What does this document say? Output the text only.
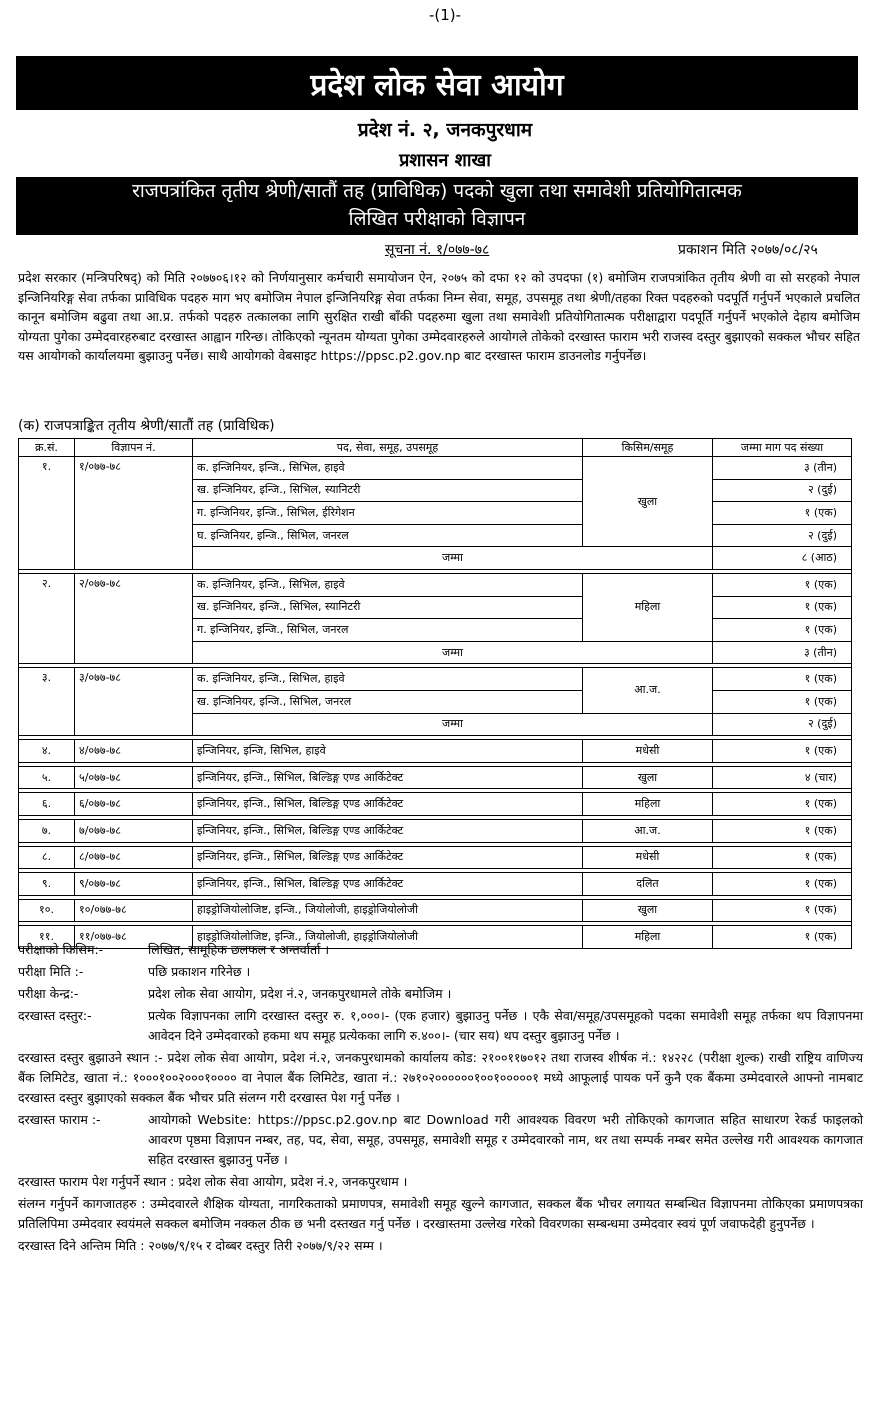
-(1)-
प्रदेश लोक सेवा आयोग
प्रदेश नं. २, जनकपुरधाम
प्रशासन शाखा
राजपत्रांकित तृतीय श्रेणी/सातौं तह (प्राविधिक) पदको खुला तथा समावेशी प्रतियोगितात्मक
लिखित परीक्षाको विज्ञापन
सूचना नं. १/०७७-७८	प्रकाशन मिति २०७७/०८/२५
प्रदेश सरकार (मन्त्रिपरिषद्) को मिति २०७७०६।१२ को निर्णयानुसार कर्मचारी समायोजन ऐन, २०७५ को दफा १२ को उपदफा (१) बमोजिम राजपत्रांकित तृतीय श्रेणी वा सो सरहको नेपाल इन्जिनियरिङ्ग सेवा तर्फका प्राविधिक पदहरु माग भए बमोजिम नेपाल इन्जिनियरिङ्ग सेवा तर्फका निम्न सेवा, समूह, उपसमूह तथा श्रेणी/तहका रिक्त पदहरुको पदपूर्ति गर्नुपर्ने भएकाले प्रचलित कानून बमोजिम बढुवा तथा आ.प्र. तर्फको पदहरु तत्कालका लागि सुरक्षित राखी बाँकी पदहरुमा खुला तथा समावेशी प्रतियोगितात्मक परीक्षाद्वारा पदपूर्ति गर्नुपर्ने भएकोले देहाय बमोजिम योग्यता पुगेका उम्मेदवारहरुबाट दरखास्त आह्वान गरिन्छ। तोकिएको न्यूनतम योग्यता पुगेका उम्मेदवारहरुले आयोगले तोकेको दरखास्त फाराम भरी राजस्व दस्तुर बुझाएको सक्कल भौचर सहित यस आयोगको कार्यालयमा बुझाउनु पर्नेछ। साथै आयोगको वेबसाइट https://ppsc.p2.gov.np बाट दरखास्त फाराम डाउनलोड गर्नुपर्नेछ।
(क) राजपत्राङ्कित तृतीय श्रेणी/सातौं तह (प्राविधिक)
क्र.सं.	विज्ञापन नं.	पद, सेवा, समूह, उपसमूह	किसिम/समूह	जम्मा माग पद संख्या
१.	१/०७७-७८	क. इन्जिनियर, इन्जि., सिभिल, हाइवे	खुला	३ (तीन)
		ख. इन्जिनियर, इन्जि., सिभिल, स्यानिटरी		२ (दुई)
		ग. इन्जिनियर, इन्जि., सिभिल, ईरिगेशन		१ (एक)
		घ. इन्जिनियर, इन्जि., सिभिल, जनरल		२ (दुई)
		जम्मा		८ (आठ)

२.	२/०७७-७८	क. इन्जिनियर, इन्जि., सिभिल, हाइवे	महिला	१ (एक)
		ख. इन्जिनियर, इन्जि., सिभिल, स्यानिटरी		१ (एक)
		ग. इन्जिनियर, इन्जि., सिभिल, जनरल		१ (एक)
		जम्मा		३ (तीन)

३.	३/०७७-७८	क. इन्जिनियर, इन्जि., सिभिल, हाइवे	आ.ज.	१ (एक)
		ख. इन्जिनियर, इन्जि., सिभिल, जनरल		१ (एक)
		जम्मा		२ (दुई)

४.	४/०७७-७८	इन्जिनियर, इन्जि, सिभिल, हाइवे	मधेसी	१ (एक)

५.	५/०७७-७८	इन्जिनियर, इन्जि., सिभिल, बिल्डिङ्ग एण्ड आर्किटेक्ट	खुला	४ (चार)

६.	६/०७७-७८	इन्जिनियर, इन्जि., सिभिल, बिल्डिङ्ग एण्ड आर्किटेक्ट	महिला	१ (एक)

७.	७/०७७-७८	इन्जिनियर, इन्जि., सिभिल, बिल्डिङ्ग एण्ड आर्किटेक्ट	आ.ज.	१ (एक)

८.	८/०७७-७८	इन्जिनियर, इन्जि., सिभिल, बिल्डिङ्ग एण्ड आर्किटेक्ट	मधेसी	१ (एक)

९.	९/०७७-७८	इन्जिनियर, इन्जि., सिभिल, बिल्डिङ्ग एण्ड आर्किटेक्ट	दलित	१ (एक)

१०.	१०/०७७-७८	हाइड्रोजियोलोजिष्ट, इन्जि., जियोलोजी, हाइड्रोजियोलोजी	खुला	१ (एक)

११.	११/०७७-७८	हाइड्रोजियोलोजिष्ट, इन्जि., जियोलोजी, हाइड्रोजियोलोजी	महिला	१ (एक)
परीक्षाको किसिम:-	लिखित, सामूहिक छलफल र अन्तर्वार्ता ।
परीक्षा मिति :-	पछि प्रकाशन गरिनेछ ।
परीक्षा केन्द्र:-	प्रदेश लोक सेवा आयोग, प्रदेश नं.२, जनकपुरधामले तोके बमोजिम ।
दरखास्त दस्तुर:-	प्रत्येक विज्ञापनका लागि दरखास्त दस्तुर रु. १,०००।- (एक हजार) बुझाउनु पर्नेछ । एकै सेवा/समूह/उपसमूहको पदका समावेशी समूह तर्फका थप विज्ञापनमा आवेदन दिने उम्मेदवारको हकमा थप समूह प्रत्येकका लागि रु.४००।- (चार सय) थप दस्तुर बुझाउनु पर्नेछ ।
दरखास्त दस्तुर बुझाउने स्थान :- प्रदेश लोक सेवा आयोग, प्रदेश नं.२, जनकपुरधामको कार्यालय कोड: २१००११७०१२ तथा राजस्व शीर्षक नं.: १४२२८ (परीक्षा शुल्क) राखी राष्ट्रिय वाणिज्य बैंक लिमिटेड, खाता नं.: १०००१००२०००१०००० वा नेपाल बैंक लिमिटेड, खाता नं.: २७१०२००००००१००१०००००१ मध्ये आफूलाई पायक पर्ने कुनै एक बैंकमा उम्मेदवारले आफ्नो नामबाट दरखास्त दस्तुर बुझाएको सक्कल बैंक भौचर प्रति संलग्न गरी दरखास्त पेश गर्नु पर्नेछ ।
दरखास्त फाराम :-	आयोगको Website: https://ppsc.p2.gov.np बाट Download गरी आवश्यक विवरण भरी तोकिएको कागजात सहित साधारण रेकर्ड फाइलको आवरण पृष्ठमा विज्ञापन नम्बर, तह, पद, सेवा, समूह, उपसमूह, समावेशी समूह र उम्मेदवारको नाम, थर तथा सम्पर्क नम्बर समेत उल्लेख गरी आवश्यक कागजात सहित दरखास्त बुझाउनु पर्नेछ ।
दरखास्त फाराम पेश गर्नुपर्ने स्थान : प्रदेश लोक सेवा आयोग, प्रदेश नं.२, जनकपुरधाम ।
संलग्न गर्नुपर्ने कागजातहरु : उम्मेदवारले शैक्षिक योग्यता, नागरिकताको प्रमाणपत्र, समावेशी समूह खुल्ने कागजात, सक्कल बैंक भौचर लगायत सम्बन्धित विज्ञापनमा तोकिएका प्रमाणपत्रका प्रतिलिपिमा उम्मेदवार स्वयंमले सक्कल बमोजिम नक्कल ठीक छ भनी दस्तखत गर्नु पर्नेछ । दरखास्तमा उल्लेख गरेको विवरणका सम्बन्धमा उम्मेदवार स्वयं पूर्ण जवाफदेही हुनुपर्नेछ ।
दरखास्त दिने अन्तिम मिति : २०७७/९/१५ र दोब्बर दस्तुर तिरी २०७७/९/२२ सम्म ।
